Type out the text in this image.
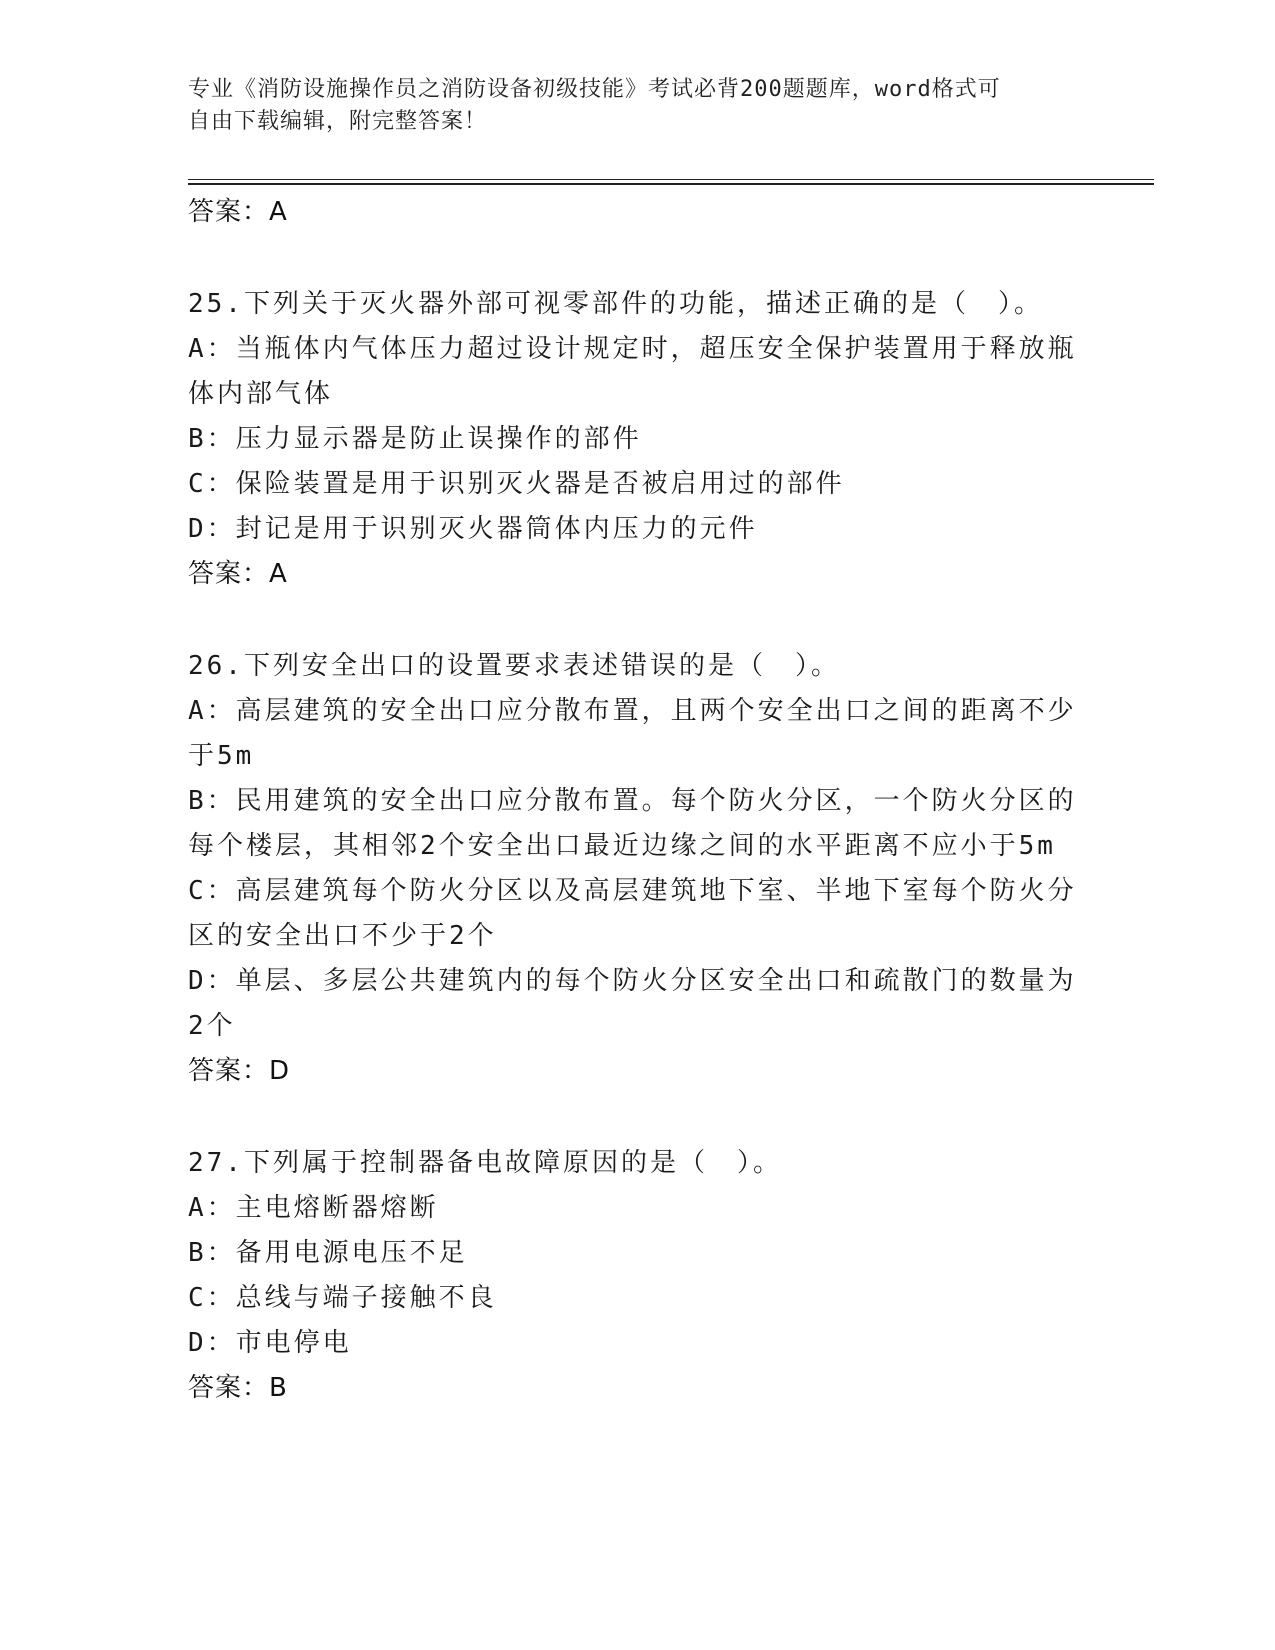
专业《消防设施操作员之消防设备初级技能》考试必背200题题库，word格式可
自由下载编辑，附完整答案！
答案：A
25.下列关于灭火器外部可视零部件的功能，描述正确的是（　）。
A：当瓶体内气体压力超过设计规定时，超压安全保护装置用于释放瓶体内部气体
B：压力显示器是防止误操作的部件
C：保险装置是用于识别灭火器是否被启用过的部件
D：封记是用于识别灭火器筒体内压力的元件
答案：A
26.下列安全出口的设置要求表述错误的是（　）。
A：高层建筑的安全出口应分散布置，且两个安全出口之间的距离不少于5m
B：民用建筑的安全出口应分散布置。每个防火分区，一个防火分区的每个楼层，其相邻2个安全出口最近边缘之间的水平距离不应小于5m
C：高层建筑每个防火分区以及高层建筑地下室、半地下室每个防火分区的安全出口不少于2个
D：单层、多层公共建筑内的每个防火分区安全出口和疏散门的数量为2个
答案：D
27.下列属于控制器备电故障原因的是（　）。
A：主电熔断器熔断
B：备用电源电压不足
C：总线与端子接触不良
D：市电停电
答案：B
